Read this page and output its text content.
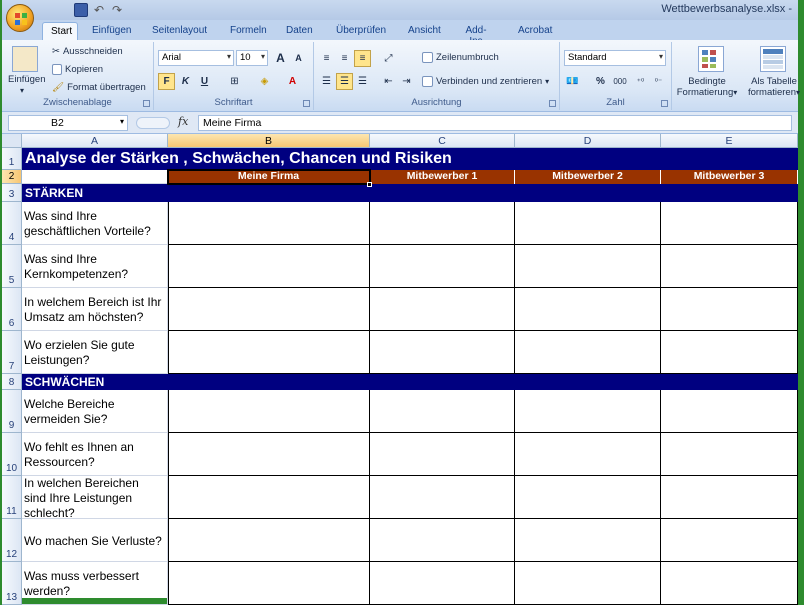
↶ ↷	Wettbewerbsanalyse.xlsx -
Start	Einfügen	Seitenlayout	Formeln	Daten	Überprüfen	Ansicht	Add-	Acrobat
Einfügen
▾
✂ Ausschneiden
Kopieren
🖌 Format übertragen
Zwischenablage
Arial	▾ 10 ▾ A	A
F	K	U	⊞	◈	A
Schriftart
≡	≡	≡	⤢
☰ ☰ ☰	⇤ ⇥
Zeilenumbruch
Verbinden und zentrieren ▾
Ausrichtung
Standard	▾
💶	%	000	⁺⁰	⁰⁻
Zahl
Bedingte
Formatierung▾
Als Tabelle
formatieren▾
B2	▾	fx	Meine Firma
A	B	C	D	E
1
2
3
4
5
6
7
8
9
10
11
12
13
Analyse der Stärken , Schwächen, Chancen und Risiken
Meine Firma	Mitbewerber 1	Mitbewerber 2	Mitbewerber 3
STÄRKEN
Was sind Ihre geschäftlichen Vorteile?
Was sind Ihre Kernkompetenzen?
In welchem Bereich ist Ihr Umsatz am höchsten?
Wo erzielen Sie gute Leistungen?
SCHWÄCHEN
Welche Bereiche vermeiden Sie?
Wo fehlt es Ihnen an Ressourcen?
In welchen Bereichen sind Ihre Leistungen schlecht?
Wo machen Sie Verluste?
Was muss verbessert werden?
